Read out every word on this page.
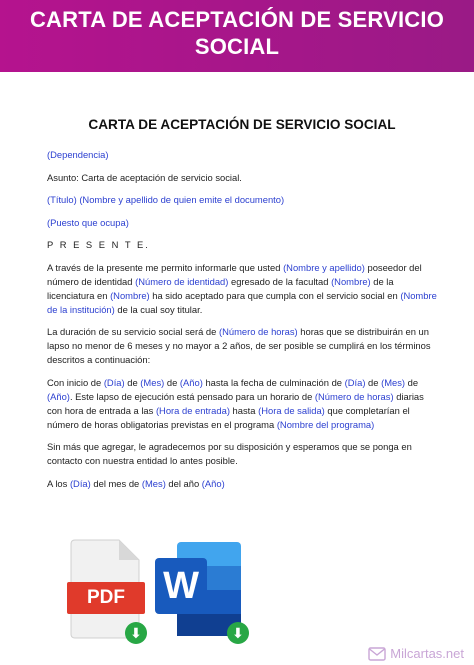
CARTA DE ACEPTACIÓN DE SERVICIO SOCIAL
CARTA DE ACEPTACIÓN DE SERVICIO SOCIAL

(Dependencia)

Asunto: Carta de aceptación de servicio social.

(Título) (Nombre y apellido de quien emite el documento)

(Puesto que ocupa)

P R E S E N T E.

A través de la presente me permito informarle que usted (Nombre y apellido) poseedor del número de identidad (Número de identidad) egresado de la facultad (Nombre) de la licenciatura en (Nombre) ha sido aceptado para que cumpla con el servicio social en (Nombre de la institución) de la cual soy titular.

La duración de su servicio social será de (Número de horas) horas que se distribuirán en un lapso no menor de 6 meses y no mayor a 2 años, de ser posible se cumplirá en los términos descritos a continuación:

Con inicio de (Día) de (Mes) de (Año) hasta la fecha de culminación de (Día) de (Mes) de (Año). Este lapso de ejecución está pensado para un horario de (Número de horas) diarias con hora de entrada a las (Hora de entrada) hasta (Hora de salida) que completarían el número de horas obligatorias previstas en el programa (Nombre del programa)

Sin más que agregar, le agradecemos por su disposición y esperamos que se ponga en contacto con nuestra entidad lo antes posible.

A los (Día) del mes de (Mes) del año (Año)

PDF
⬇
W
⬇
Milcartas.net
